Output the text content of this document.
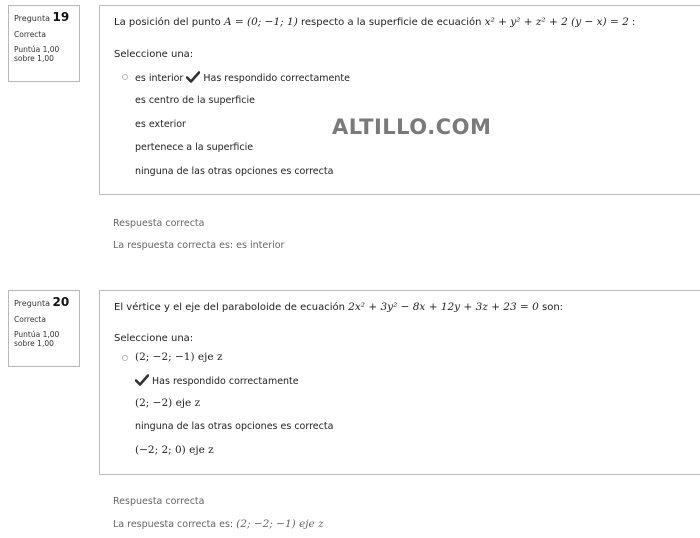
Pregunta 19
Correcta
Puntúa 1,00
sobre 1,00
La posición del punto A = (0; −1; 1) respecto a la superficie de ecuación x² + y² + z² + 2 (y − x) = 2 :
Seleccione una:
es interior Has respondido correctamente
es centro de la superficie
es exterior
pertenece a la superficie
ninguna de las otras opciones es correcta
Respuesta correcta
La respuesta correcta es: es interior
Pregunta 20
Correcta
Puntúa 1,00
sobre 1,00
El vértice y el eje del paraboloide de ecuación 2x² + 3y² − 8x + 12y + 3z + 23 = 0 son:
Seleccione una:
(2; −2; −1) eje z
Has respondido correctamente
(2; −2) eje z
ninguna de las otras opciones es correcta
(−2; 2; 0) eje z
Respuesta correcta
La respuesta correcta es: (2; −2; −1) eje z
ALTILLO.COM
